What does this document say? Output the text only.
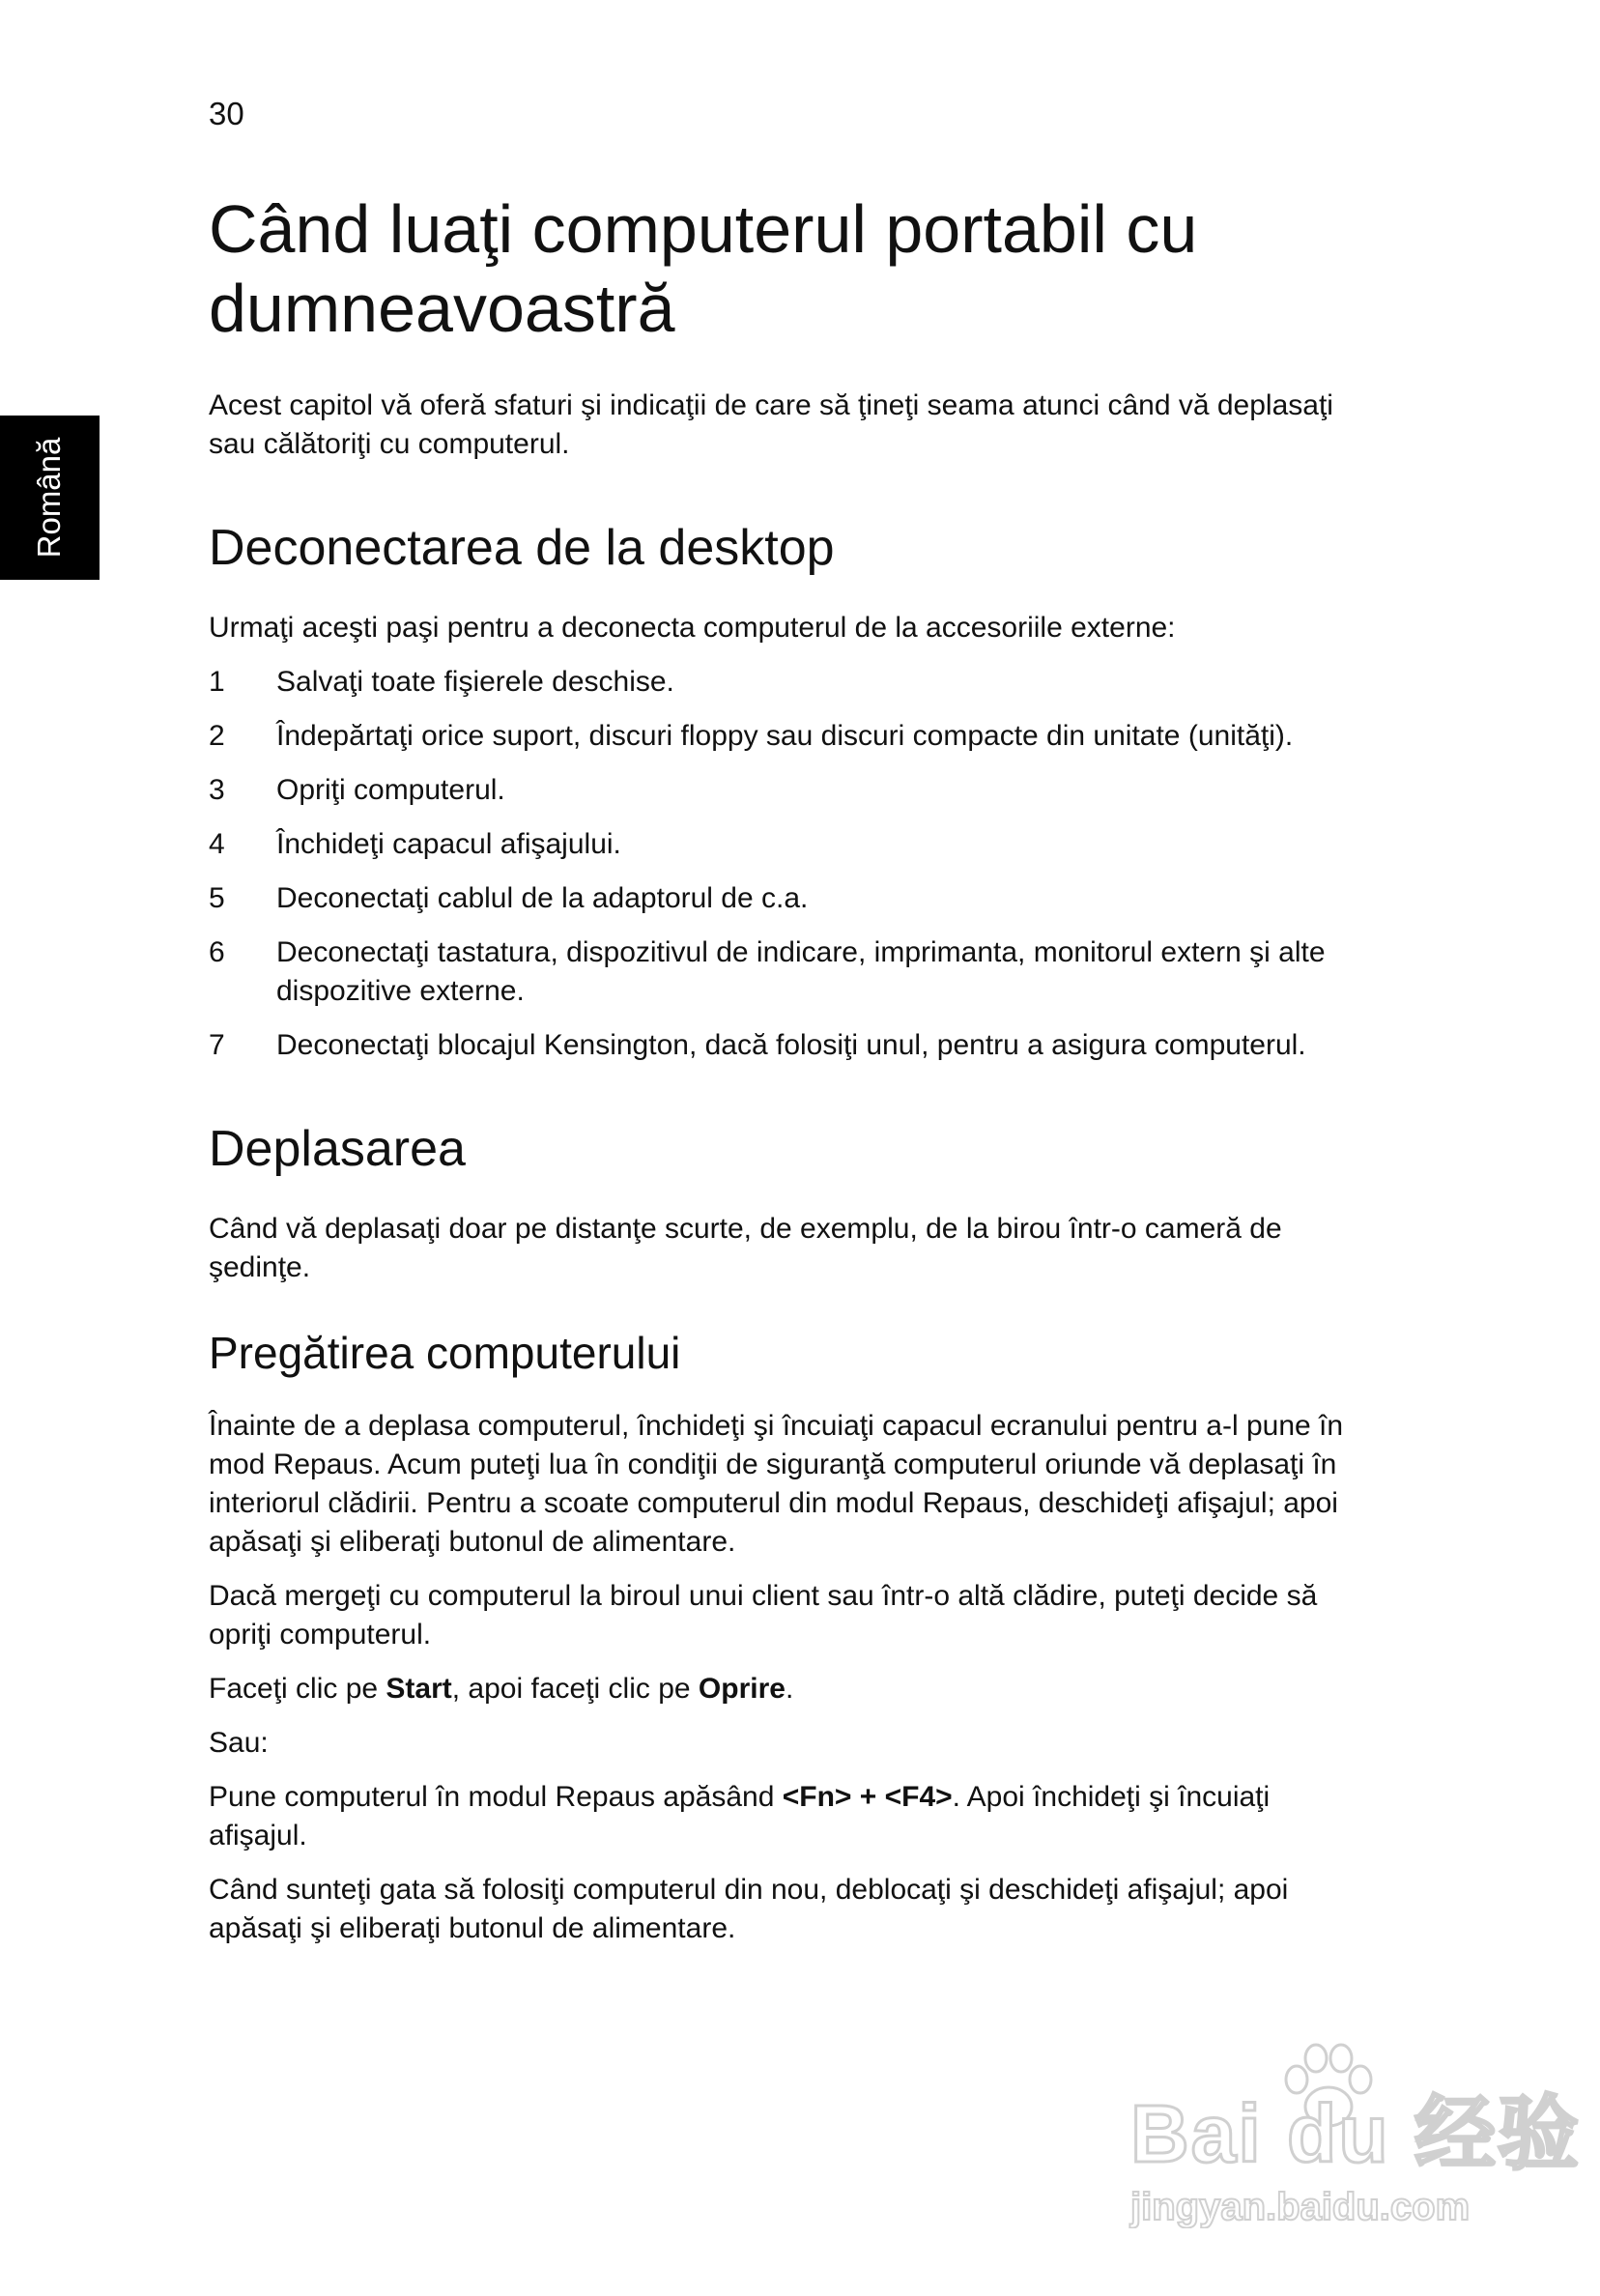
30
Română
Când luaţi computerul portabil cu dumneavoastră

Acest capitol vă oferă sfaturi şi indicaţii de care să ţineţi seama atunci când vă deplasaţi sau călătoriţi cu computerul.

Deconectarea de la desktop

Urmaţi aceşti paşi pentru a deconecta computerul de la accesoriile externe:

1	Salvaţi toate fişierele deschise.
2	Îndepărtaţi orice suport, discuri floppy sau discuri compacte din unitate (unităţi).
3	Opriţi computerul.
4	Închideţi capacul afişajului.
5	Deconectaţi cablul de la adaptorul de c.a.
6	Deconectaţi tastatura, dispozitivul de indicare, imprimanta, monitorul extern şi alte dispozitive externe.
7	Deconectaţi blocajul Kensington, dacă folosiţi unul, pentru a asigura computerul.
Deplasarea

Când vă deplasaţi doar pe distanţe scurte, de exemplu, de la birou într-o cameră de şedinţe.

Pregătirea computerului

Înainte de a deplasa computerul, închideţi şi încuiaţi capacul ecranului pentru a-l pune în mod Repaus. Acum puteţi lua în condiţii de siguranţă computerul oriunde vă deplasaţi în interiorul clădirii. Pentru a scoate computerul din modul Repaus, deschideţi afişajul; apoi apăsaţi şi eliberaţi butonul de alimentare.

Dacă mergeţi cu computerul la biroul unui client sau într-o altă clădire, puteţi decide să opriţi computerul.

Faceţi clic pe Start, apoi faceţi clic pe Oprire.

Sau:

Pune computerul în modul Repaus apăsând <Fn> + <F4>. Apoi închideţi şi încuiaţi afişajul.

Când sunteţi gata să folosiţi computerul din nou, deblocaţi şi deschideţi afişajul; apoi apăsaţi şi eliberaţi butonul de alimentare.

Bai du 经验
jingyan.baidu.com
